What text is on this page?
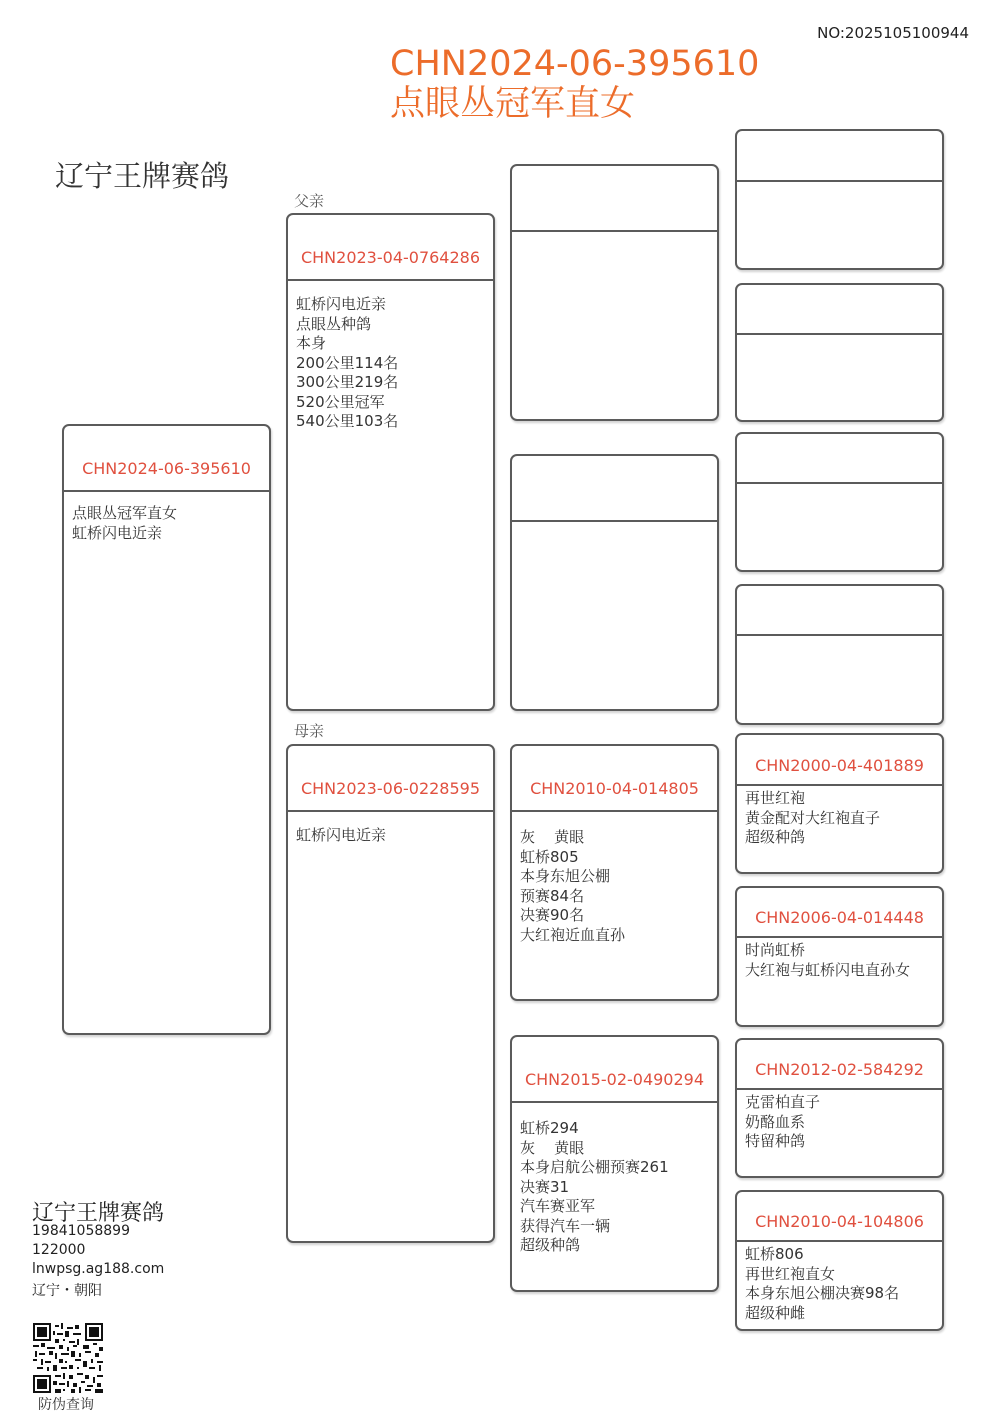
NO:2025105100944
CHN2024-06-395610
点眼丛冠军直女
辽宁王牌赛鸽
父亲
母亲
CHN2024-06-395610
点眼丛冠军直女
虹桥闪电近亲
CHN2023-04-0764286
虹桥闪电近亲
点眼丛种鸽
本身
200公里114名
300公里219名
520公里冠军
540公里103名
CHN2023-06-0228595
虹桥闪电近亲
CHN2010-04-014805
灰    黄眼
虹桥805
本身东旭公棚
预赛84名
决赛90名
大红袍近血直孙
CHN2015-02-0490294
虹桥294
灰    黄眼
本身启航公棚预赛261
决赛31
汽车赛亚军
获得汽车一辆
超级种鸽
CHN2000-04-401889
再世红袍
黄金配对大红袍直子
超级种鸽
CHN2006-04-014448
时尚虹桥
大红袍与虹桥闪电直孙女
CHN2012-02-584292
克雷柏直子
奶酪血系
特留种鸽
CHN2010-04-104806
虹桥806
再世红袍直女
本身东旭公棚决赛98名
超级种雌
辽宁王牌赛鸽
19841058899
122000
lnwpsg.ag188.com
辽宁・朝阳
防伪查询
